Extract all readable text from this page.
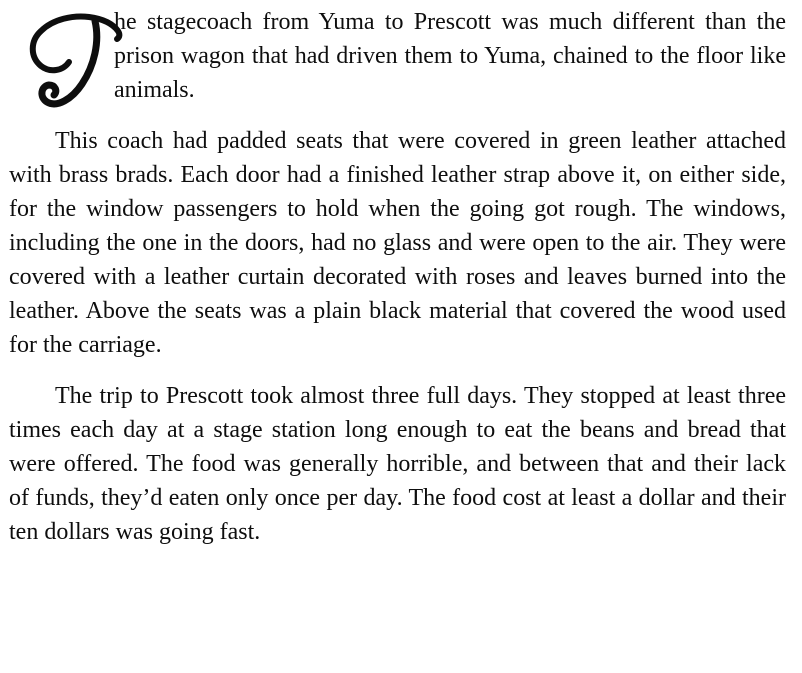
he stagecoach from Yuma to Prescott was much different than the prison wagon that had driven them to Yuma, chained to the floor like animals.

This coach had padded seats that were covered in green leather attached with brass brads. Each door had a finished leather strap above it, on either side, for the window passengers to hold when the going got rough. The windows, including the one in the doors, had no glass and were open to the air. They were covered with a leather curtain decorated with roses and leaves burned into the leather. Above the seats was a plain black material that covered the wood used for the carriage.

The trip to Prescott took almost three full days. They stopped at least three times each day at a stage station long enough to eat the beans and bread that were offered. The food was generally horrible, and between that and their lack of funds, they’d eaten only once per day. The food cost at least a dollar and their ten dollars was going fast.
